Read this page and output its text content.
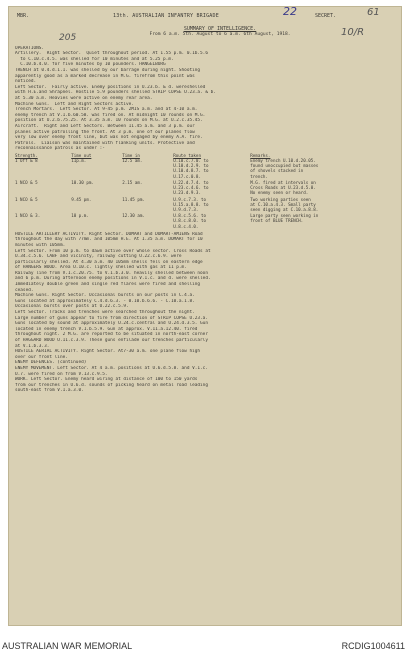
MBR.	13th. AUSTRALIAN INFANTRY BRIGADE	SECRET.
22	61
205	10/R
SUMMARY OF INTELLIGENCE.
From 6 a.m. 5th. August to 6 a.m. 6th August, 1918.
OPERATIONS.
Artillery.  Right Sector.  Quiet throughout period. At 1.55 p.m. 0.1b.5.6
to C.10.c.4.5. was shelled for 10 minutes and at 5.25 p.m.
C.10.b.4.0. for five minutes by 10 pounders. HANGELBURG
TRENCH at 0.4.d.1.1. was shelled by our barrage during night. Shooting
apparently good as a marked decrease in M.G. firefrom this point was
noticed.
Left Sector.  Fairly active. Enemy positions in U.23.b. & d. wereshelled
with H.E.and Shrapnel. Hostile 5.9 pounders shelled STRIP COPSE U.23.a. & b.
at 5.30 a.m. Heavies were active on enemy rear area.
Machine Guns.  Left and Right Sectors active.
Trench Mortars.  Left Sector. At 9-45 p.m. 2MIS a.m. and at 4-10 a.m.
enemy trench at V.1.b.60.58. was fired on. At midnight 10 rounds on M.G.
position at U.2.b.75.25. At 3.35 a.m. 10 rounds on M.G. at U.2.c.35.45.
Aircraft.  Right and Left Sectors. Between 11.45 a.m. and 3 p.m. our
planes active patrolling the front. At 3 p.m. one of our planes flow
very low over enemy front line, but was not engaged by enemy A.A. fire.
Patrols.  Liaison was maintained with flanking units. Protective and
reconnaissance patrols as under :-
Strength.	Time out	Time in	Route taken	Remarks.
1 Off & 8	11p.m.	12.5 am.	U.10.c.7.0. to
U.10.d.2.9. to
U.10.d.8.7. to
U.17.c.0.8.	Enemy trench U.10.d.20.05.
found unoccupied but masses
of shovels stacked in
trench.
1 NCO & 5	10.30 pm.	2.15 am.	U.22.d.7.4. to
U.23.c.4.6. to
U.23.d.9.3.	M.G. fired at intervals on
Cross Roads at U.23.d.5.0.
No enemy seen or heard.
1 NCO & 5	9.45 pm.	11.45 pm.	U.9.c.7.3. to
U.15.a.8.8. to
U.9.d.7.3.	Two working parties seen
at C.10.a.4.3. Small party
seen digging at C.10.a.8.8.
1 NCO & 3.	10 p.m.	12.30 am.	U.8.c.5.6. to
U.8.c.8.0. to
U.8.c.4.0.	Large party seen working in
front of BLUE TRENCH.
HOSTILE ARTILLERY ACTIVITY. Right Sector. DOMART and DOMART-AMIENS Road
throughout the day with 77mm. and 105mm H.E. At 1.35 a.m. DOMART for 10
minutes with 105mm.
Left Sector. From 10 p.m. to dawn active over whole sector. Cross Roads at
U.34.c.5.6. CABF and vicinity, railway cutting U.22.c.6.9. were
particularly shelled. At 4.30 a.m. 40 105mm shells fell on eastern edge
of HANGERS WOOD. Area U.10.c. lightly shelled with gas at 11 p.m.
Railway line from V.1.c.20.75. to V.1.b.3.0. heavily shelled between noon
and 6 p.m. During afternoon enemy positions in V.1.c. and d. were shelled.
Immediately double green and single red flares were fired and shelling
ceased.
Machine Guns. Right Sector. Occasional bursts on our posts in C.4.a.
Guns located at approximately C.4.d.6.3. - 0.10.b.6.6. - C.10.a.1.8.
Occasional bursts over posts at U.22.c.5.9.
Left Sector. Tracks and trenches were searched throughout the night.
Large number of guns appear to fire from direction of STRIP COPSE U.23.a.
Guns located by sound at approximately U.24.c.central and U.24.d.3.5. Gun
located in enemy trench V.1.b.5.9. Gun at approx. V.11.a.12.40. fired
throughout night. 2 M.G. are reported to be situated in north-east corner
of HAGGARD WOOD U.11.c.3.9. These guns enfilade our trenches particularly
at V.1.b.3.3.
HOSTILE AERIAL ACTIVITY. Right Sector. At7-30 a.m. one plane flow high
over our front line.
ENEMY DEFENCES. (continued)
ENEMY MOVEMENT. Left Sector. At 4 a.m. positions at U.6.d.5.8. and V.1.c.
U.7. were fired on from V.13.c.9.5.
WORK. Left Sector. Enemy heard wiring at distance of 100 to 150 yards
from our trenches in U.6.d. sounds of picking heard on metal road leading
south-east from V.1.a.3.0.
AUSTRALIAN WAR MEMORIAL	RCDIG1004611
